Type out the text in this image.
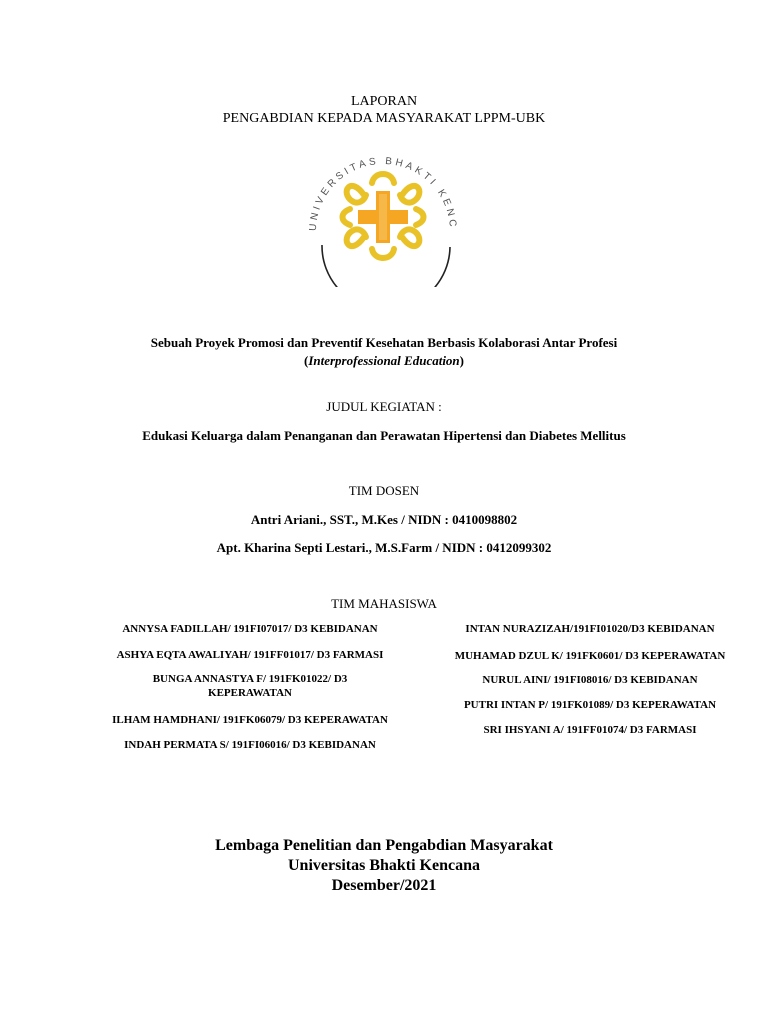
LAPORAN
PENGABDIAN KEPADA MASYARAKAT LPPM-UBK
UNIVERSITAS BHAKTI KENC
Sebuah Proyek Promosi dan Preventif Kesehatan Berbasis Kolaborasi Antar Profesi
(Interprofessional Education)
JUDUL KEGIATAN :
Edukasi Keluarga dalam Penanganan dan Perawatan Hipertensi dan Diabetes Mellitus
TIM DOSEN
Antri Ariani., SST., M.Kes / NIDN : 0410098802
Apt. Kharina Septi Lestari., M.S.Farm / NIDN : 0412099302
TIM MAHASISWA
ANNYSA FADILLAH/ 191FI07017/ D3 KEBIDANAN
ASHYA EQTA AWALIYAH/ 191FF01017/ D3 FARMASI
BUNGA ANNASTYA F/ 191FK01022/ D3
KEPERAWATAN
ILHAM HAMDHANI/ 191FK06079/ D3 KEPERAWATAN
INDAH PERMATA S/ 191FI06016/ D3 KEBIDANAN
INTAN NURAZIZAH/191FI01020/D3 KEBIDANAN
MUHAMAD DZUL K/ 191FK0601/ D3 KEPERAWATAN
NURUL AINI/ 191FI08016/ D3 KEBIDANAN
PUTRI INTAN P/ 191FK01089/ D3 KEPERAWATAN
SRI IHSYANI A/ 191FF01074/ D3 FARMASI
Lembaga Penelitian dan Pengabdian Masyarakat
Universitas Bhakti Kencana
Desember/2021
